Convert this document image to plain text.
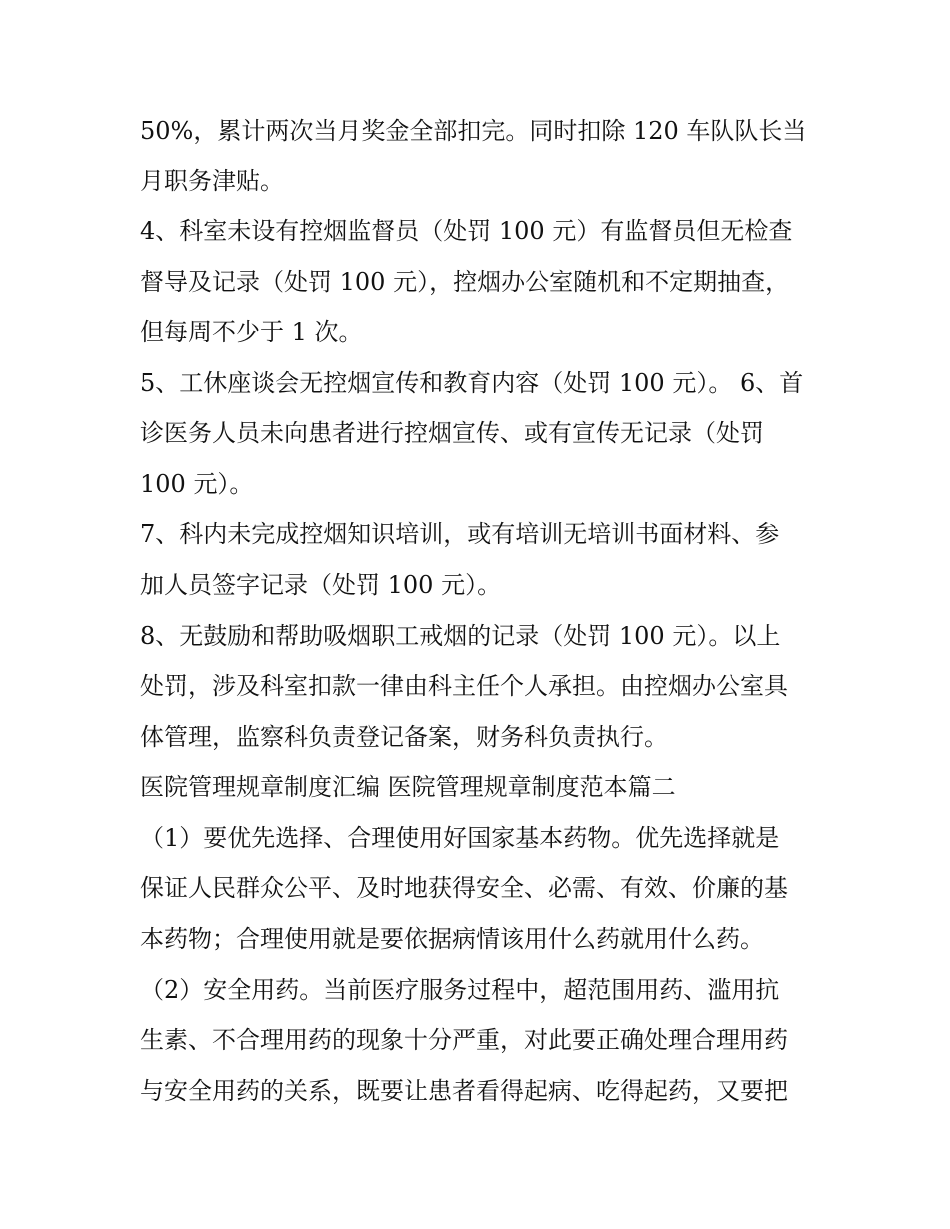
50%，累计两次当月奖金全部扣完。同时扣除 120 车队队长当
月职务津贴。
4、科室未设有控烟监督员（处罚 100 元）有监督员但无检查
督导及记录（处罚 100 元），控烟办公室随机和不定期抽查，
但每周不少于 1 次。
5、工休座谈会无控烟宣传和教育内容（处罚 100 元）。 6、首
诊医务人员未向患者进行控烟宣传、或有宣传无记录（处罚
100 元）。
7、科内未完成控烟知识培训，或有培训无培训书面材料、参
加人员签字记录（处罚 100 元）。
8、无鼓励和帮助吸烟职工戒烟的记录（处罚 100 元）。以上
处罚，涉及科室扣款一律由科主任个人承担。由控烟办公室具
体管理，监察科负责登记备案，财务科负责执行。
医院管理规章制度汇编 医院管理规章制度范本篇二
（1）要优先选择、合理使用好国家基本药物。优先选择就是
保证人民群众公平、及时地获得安全、必需、有效、价廉的基
本药物；合理使用就是要依据病情该用什么药就用什么药。
（2）安全用药。当前医疗服务过程中，超范围用药、滥用抗
生素、不合理用药的现象十分严重，对此要正确处理合理用药
与安全用药的关系，既要让患者看得起病、吃得起药，又要把
